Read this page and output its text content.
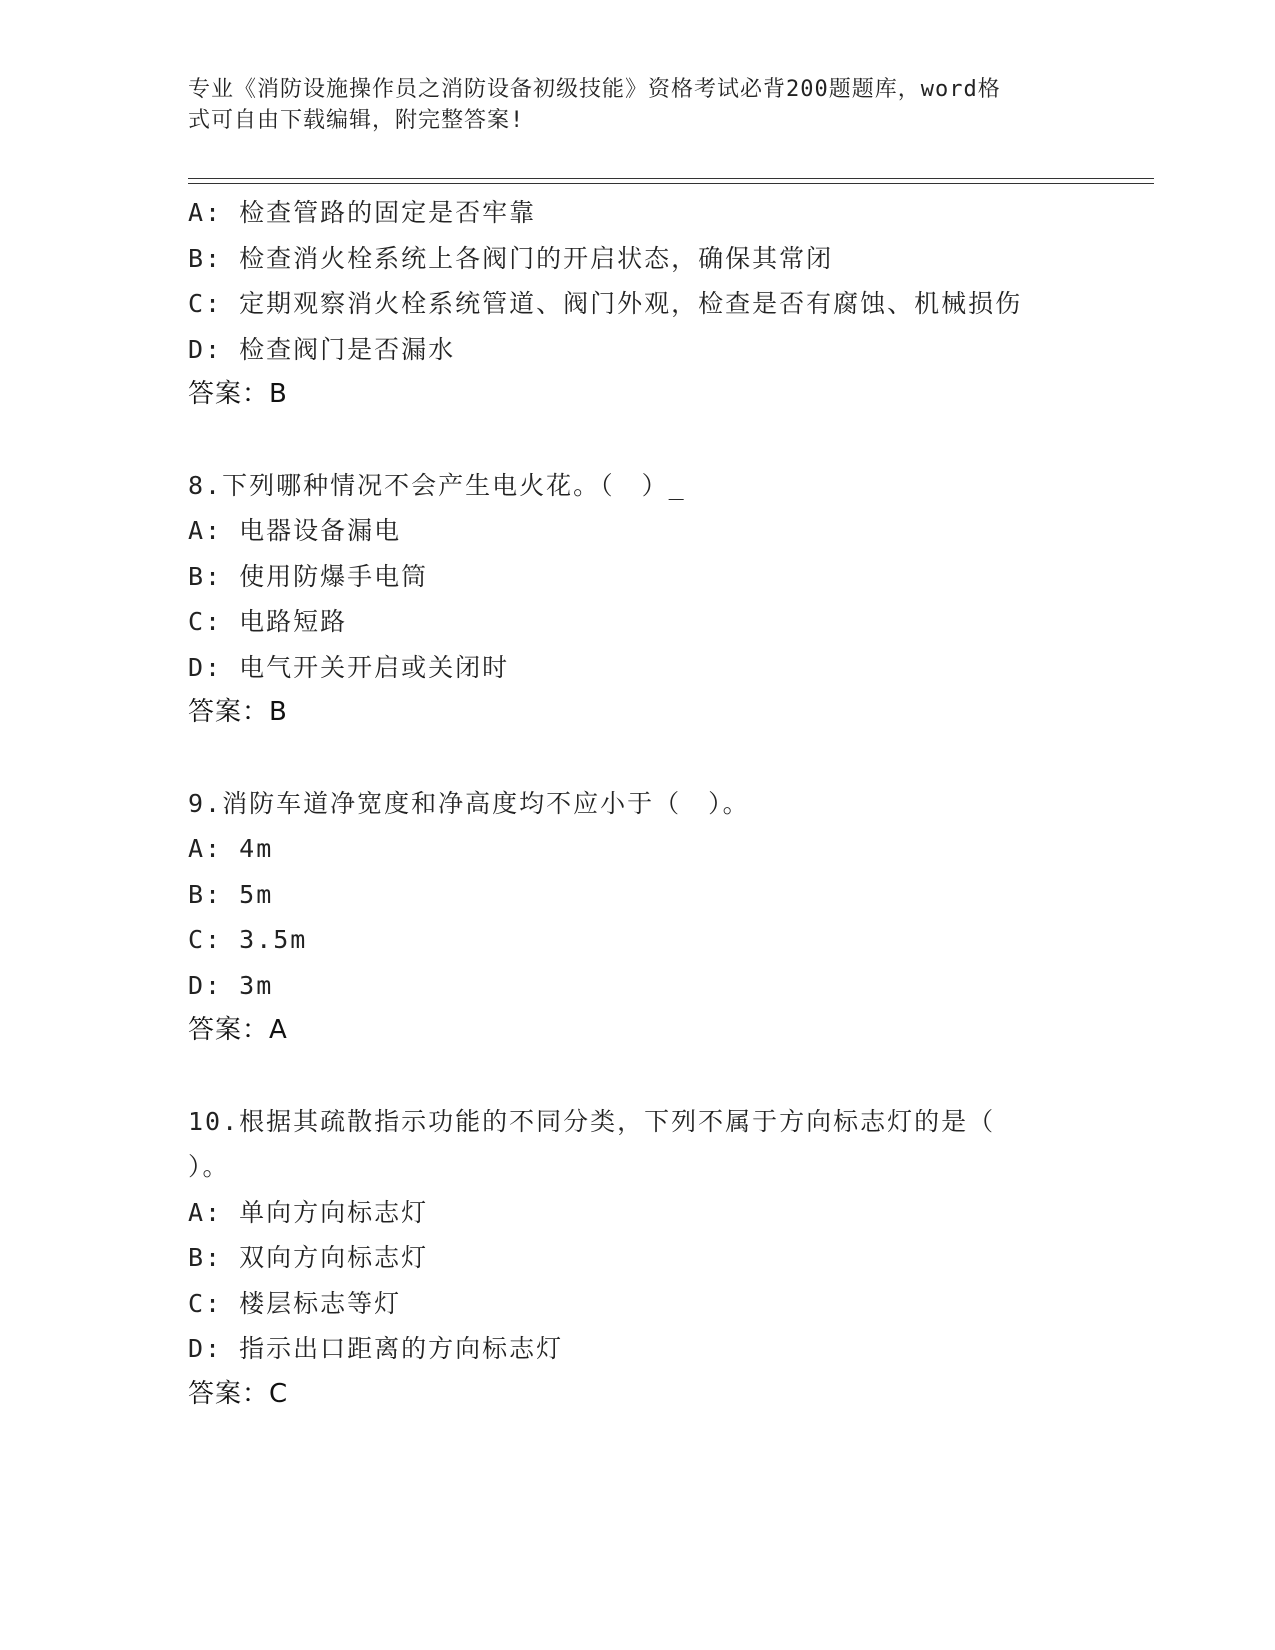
专业《消防设施操作员之消防设备初级技能》资格考试必背200题题库，word格
式可自由下载编辑，附完整答案!
A: 检查管路的固定是否牢靠
B: 检查消火栓系统上各阀门的开启状态，确保其常闭
C: 定期观察消火栓系统管道、阀门外观，检查是否有腐蚀、机械损伤
D: 检查阀门是否漏水
答案：B
8.下列哪种情况不会产生电火花。（　）_
A: 电器设备漏电
B: 使用防爆手电筒
C: 电路短路
D: 电气开关开启或关闭时
答案：B
9.消防车道净宽度和净高度均不应小于（　）。
A: 4m
B: 5m
C: 3.5m
D: 3m
答案：A
10.根据其疏散指示功能的不同分类，下列不属于方向标志灯的是（
）。
A: 单向方向标志灯
B: 双向方向标志灯
C: 楼层标志等灯
D: 指示出口距离的方向标志灯
答案：C
